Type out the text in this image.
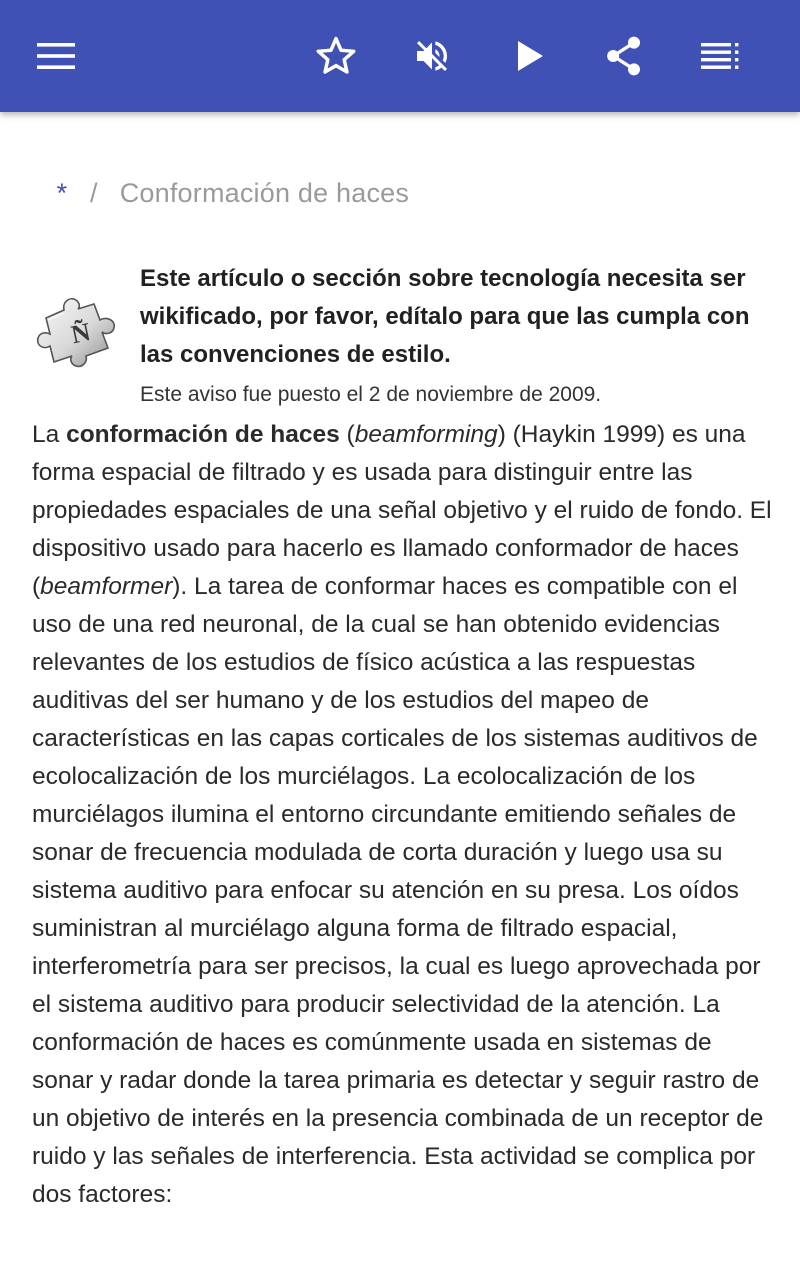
* / Conformación de haces
Ñ
Este artículo o sección sobre tecnología necesita ser wikificado, por favor, edítalo para que las cumpla con las convenciones de estilo.
Este aviso fue puesto el 2 de noviembre de 2009.

La conformación de haces (beamforming) (Haykin 1999) es una forma espacial de filtrado y es usada para distinguir entre las propiedades espaciales de una señal objetivo y el ruido de fondo. El dispositivo usado para hacerlo es llamado conformador de haces (beamformer). La tarea de conformar haces es compatible con el uso de una red neuronal, de la cual se han obtenido evidencias relevantes de los estudios de físico acústica a las respuestas auditivas del ser humano y de los estudios del mapeo de características en las capas corticales de los sistemas auditivos de ecolocalización de los murciélagos. La ecolocalización de los murciélagos ilumina el entorno circundante emitiendo señales de sonar de frecuencia modulada de corta duración y luego usa su sistema auditivo para enfocar su atención en su presa. Los oídos suministran al murciélago alguna forma de filtrado espacial, interferometría para ser precisos, la cual es luego aprovechada por el sistema auditivo para producir selectividad de la atención. La conformación de haces es comúnmente usada en sistemas de sonar y radar donde la tarea primaria es detectar y seguir rastro de un objetivo de interés en la presencia combinada de un receptor de ruido y las señales de interferencia. Esta actividad se complica por dos factores:
